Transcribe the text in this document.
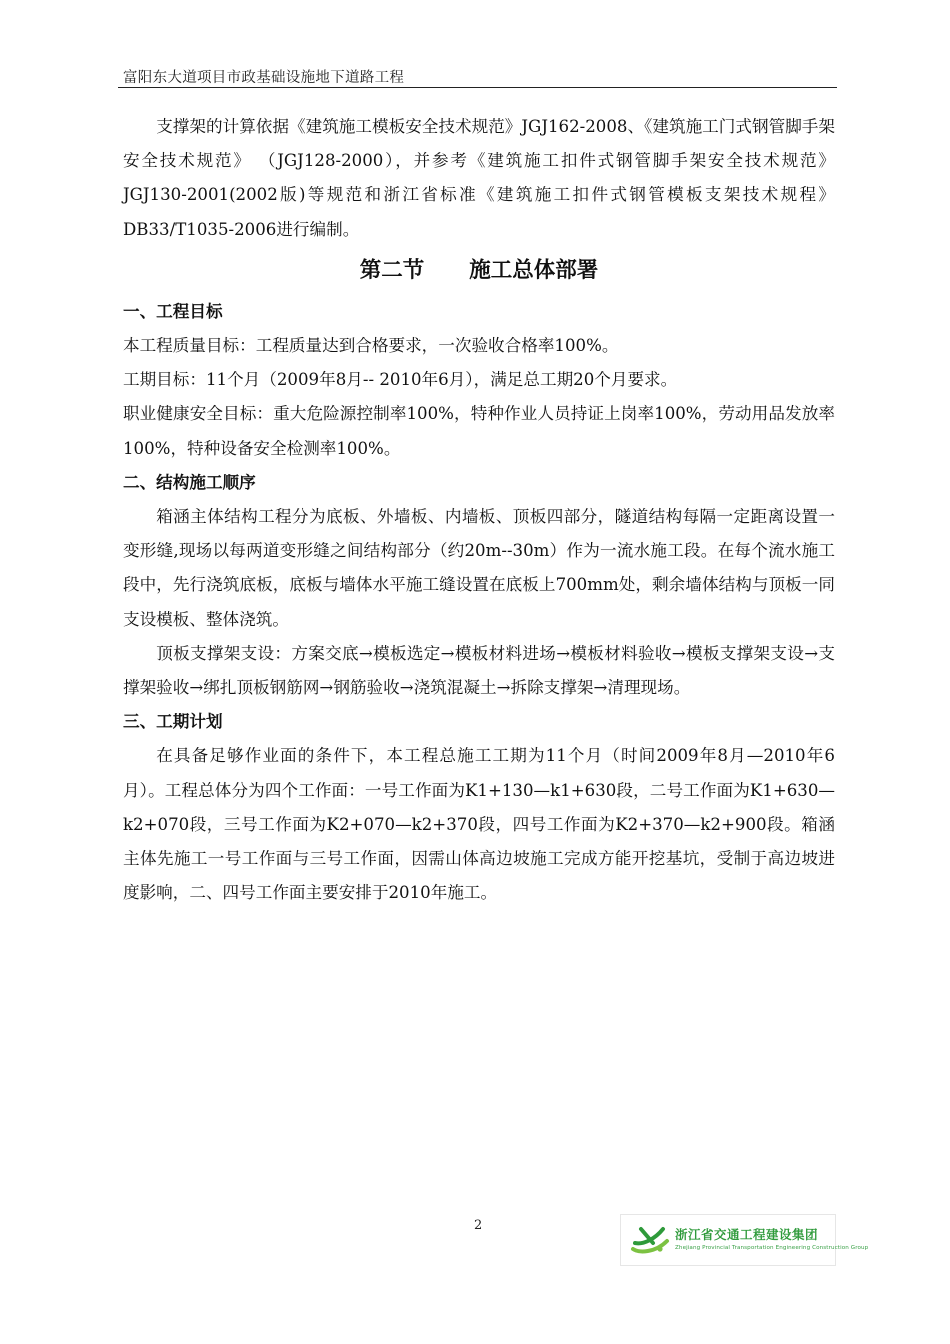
富阳东大道项目市政基础设施地下道路工程

支撑架的计算依据《建筑施工模板安全技术规范》JGJ162-2008、《建筑施工门式钢管脚手架安全技术规范》 （JGJ128-2000），并参考《建筑施工扣件式钢管脚手架安全技术规范》JGJ130-2001(2002版)等规范和浙江省标准《建筑施工扣件式钢管模板支架技术规程》DB33/T1035-2006进行编制。

第二节      施工总体部署
一、工程目标

本工程质量目标：工程质量达到合格要求，一次验收合格率100%。

工期目标：11个月（2009年8月-- 2010年6月），满足总工期20个月要求。

职业健康安全目标：重大危险源控制率100%，特种作业人员持证上岗率100%，劳动用品发放率100%，特种设备安全检测率100%。

二、结构施工顺序

箱涵主体结构工程分为底板、外墙板、内墙板、顶板四部分，隧道结构每隔一定距离设置一变形缝,现场以每两道变形缝之间结构部分（约20m--30m）作为一流水施工段。在每个流水施工段中，先行浇筑底板，底板与墙体水平施工缝设置在底板上700mm处，剩余墙体结构与顶板一同支设模板、整体浇筑。

顶板支撑架支设：方案交底→模板选定→模板材料进场→模板材料验收→模板支撑架支设→支撑架验收→绑扎顶板钢筋网→钢筋验收→浇筑混凝土→拆除支撑架→清理现场。

三、工期计划

在具备足够作业面的条件下，本工程总施工工期为11个月（时间2009年8月—2010年6月）。工程总体分为四个工作面：一号工作面为K1+130—k1+630段，二号工作面为K1+630—k2+070段，三号工作面为K2+070—k2+370段，四号工作面为K2+370—k2+900段。箱涵主体先施工一号工作面与三号工作面，因需山体高边坡施工完成方能开挖基坑，受制于高边坡进度影响，二、四号工作面主要安排于2010年施工。

2
浙江省交通工程建设集团
Zhejiang Provincial Transportation Engineering Construction Group
